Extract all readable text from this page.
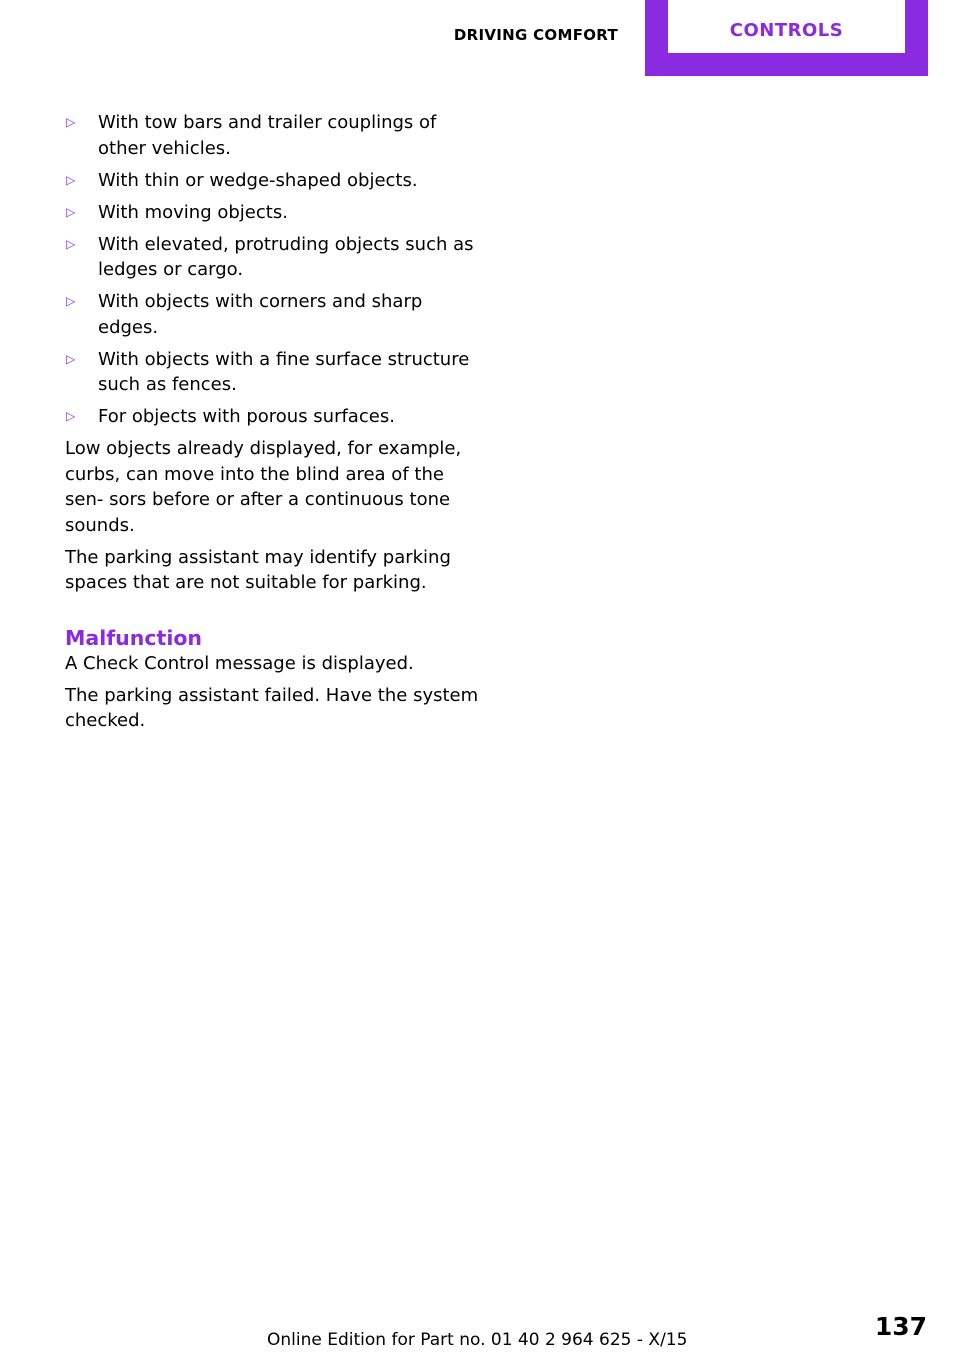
DRIVING COMFORT	CONTROLS
▷ With tow bars and trailer couplings of other vehicles.
▷ With thin or wedge-shaped objects.
▷ With moving objects.
▷ With elevated, protruding objects such as ledges or cargo.
▷ With objects with corners and sharp edges.
▷ With objects with a fine surface structure such as fences.
▷ For objects with porous surfaces.

Low objects already displayed, for example, curbs, can move into the blind area of the sen‐ sors before or after a continuous tone sounds.

The parking assistant may identify parking spaces that are not suitable for parking.

Malfunction

A Check Control message is displayed.

The parking assistant failed. Have the system checked.

137
Online Edition for Part no. 01 40 2 964 625 - X/15
